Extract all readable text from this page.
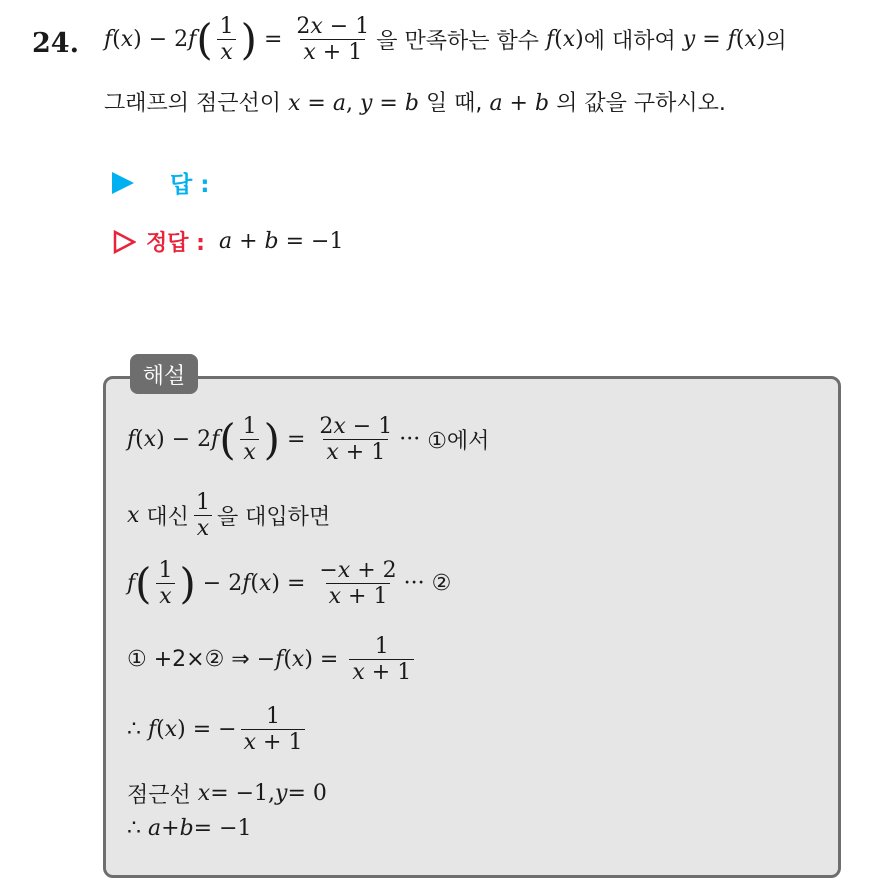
24. f ( x ) − 2 f ( $\frac{1}{x}$ ) = $\frac{2x - 1}{x + 1}$ 을 만족하는 함수
f ( x ) 에 대하여
y = f ( x ) 의
그래프의 점근선이 x = a, y = b 일 때, a + b 의 값을 구하시오.
답 :
정답 : a + b = −1
해설
f ( x ) − 2 f ( $\frac{1}{x}$ ) = $\frac{2x - 1}{x + 1}$ ··· ①에서
x
대신 $\frac{1}{x}$ 을 대입하면
f ( $\frac{1}{x}$ ) − 2 f ( x ) = $\frac{-x + 2}{x + 1}$ ··· ②
① +2×② ⇒ − f ( x ) = $\frac{1}{x + 1}$
∴ f ( x ) = − $\frac{1}{x + 1}$
점근선
x = −1, y = 0
∴ a + b = −1
